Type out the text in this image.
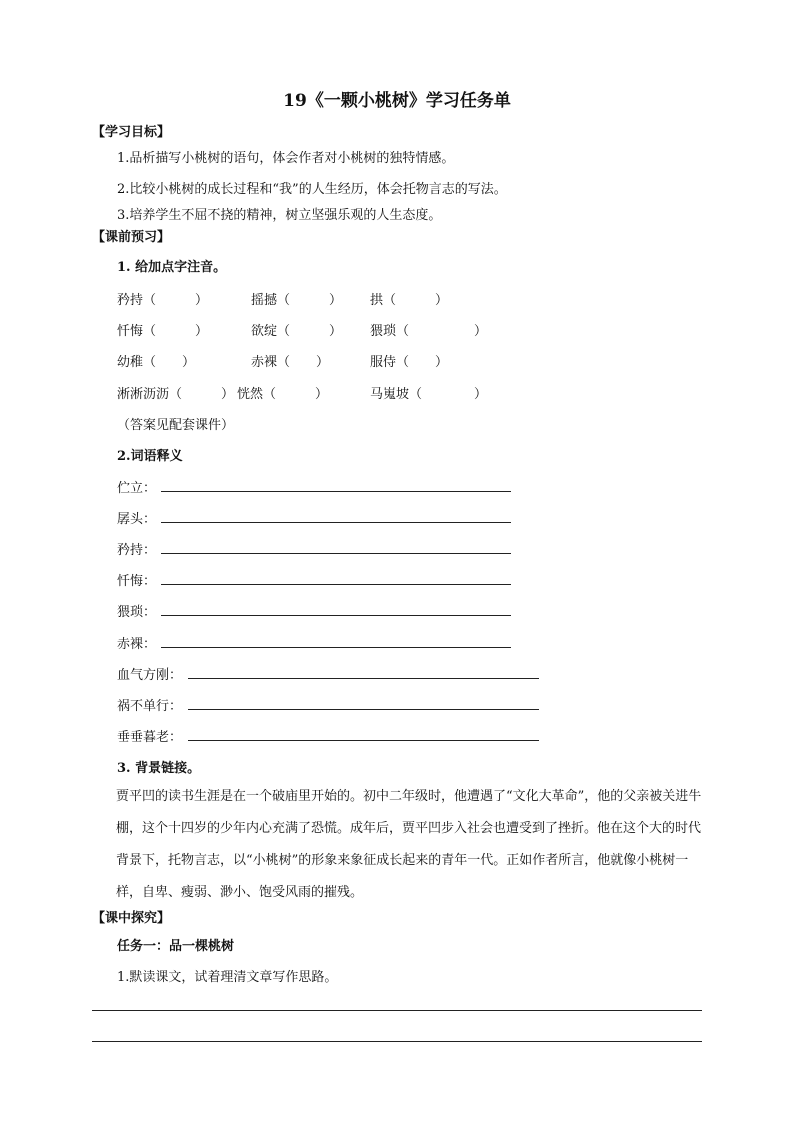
19《一颗小桃树》学习任务单
【学习目标】
1.品析描写小桃树的语句，体会作者对小桃树的独特情感。
2.比较小桃树的成长过程和“我”的人生经历，体会托物言志的写法。
3.培养学生不屈不挠的精神，树立坚强乐观的人生态度。
【课前预习】
1. 给加点字注音。
矜持（　　　）	摇撼（　　　） 拱（　　　）
忏悔（　　　）	欲绽（　　　） 猥琐（　　　　　）
幼稚（　　）	赤裸（　　）	服侍（　　）
淅淅沥沥（　　　） 恍然（　　　）	马嵬坡（　　　　）
（答案见配套课件）
2.词语释义
伫立：
孱头：
矜持：
忏悔：
猥琐：
赤裸：
血气方刚：
祸不单行：
垂垂暮老：
3. 背景链接。
贾平凹的读书生涯是在一个破庙里开始的。初中二年级时，他遭遇了“文化大革命”，他的父亲被关进牛棚，这个十四岁的少年内心充满了恐慌。成年后，贾平凹步入社会也遭受到了挫折。他在这个大的时代背景下，托物言志，以“小桃树”的形象来象征成长起来的青年一代。正如作者所言，他就像小桃树一样，自卑、瘦弱、渺小、饱受风雨的摧残。
【课中探究】
任务一：品一棵桃树
1.默读课文，试着理清文章写作思路。
